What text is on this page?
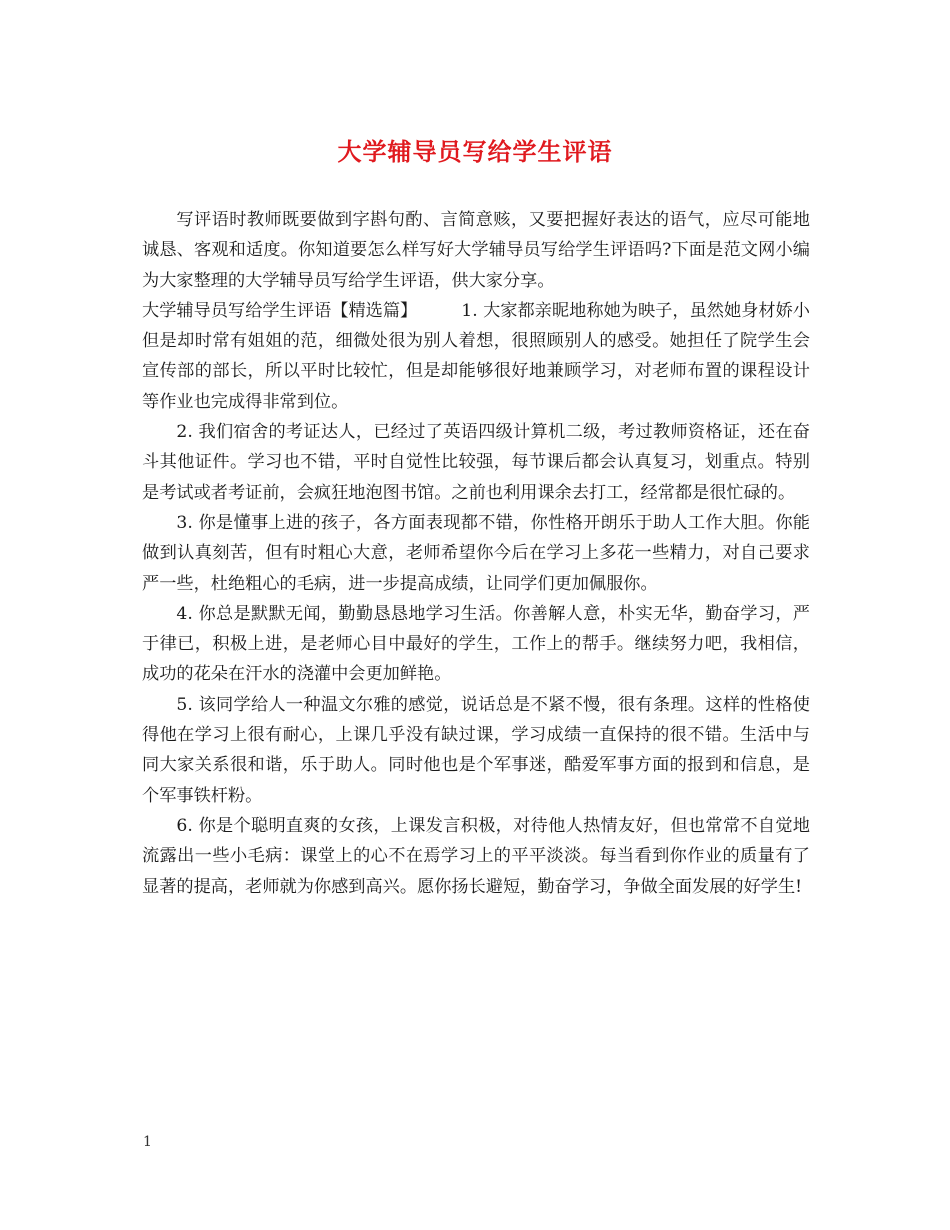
大学辅导员写给学生评语

写评语时教师既要做到字斟句酌、言简意赅，又要把握好表达的语气，应尽可能地诚恳、客观和适度。你知道要怎么样写好大学辅导员写给学生评语吗?下面是范文网小编为大家整理的大学辅导员写给学生评语，供大家分享。

大学辅导员写给学生评语【精选篇】	1. 大家都亲昵地称她为映子，虽然她身材娇小但是却时常有姐姐的范，细微处很为别人着想，很照顾别人的感受。她担任了院学生会宣传部的部长，所以平时比较忙，但是却能够很好地兼顾学习，对老师布置的课程设计等作业也完成得非常到位。

2. 我们宿舍的考证达人，已经过了英语四级计算机二级，考过教师资格证，还在奋斗其他证件。学习也不错，平时自觉性比较强，每节课后都会认真复习，划重点。特别是考试或者考证前，会疯狂地泡图书馆。之前也利用课余去打工，经常都是很忙碌的。

3. 你是懂事上进的孩子，各方面表现都不错，你性格开朗乐于助人工作大胆。你能做到认真刻苦，但有时粗心大意，老师希望你今后在学习上多花一些精力，对自己要求严一些，杜绝粗心的毛病，进一步提高成绩，让同学们更加佩服你。

4. 你总是默默无闻，勤勤恳恳地学习生活。你善解人意，朴实无华，勤奋学习，严于律已，积极上进，是老师心目中最好的学生，工作上的帮手。继续努力吧，我相信，成功的花朵在汗水的浇灌中会更加鲜艳。

5. 该同学给人一种温文尔雅的感觉，说话总是不紧不慢，很有条理。这样的性格使得他在学习上很有耐心，上课几乎没有缺过课，学习成绩一直保持的很不错。生活中与同大家关系很和谐，乐于助人。同时他也是个军事迷，酷爱军事方面的报到和信息，是个军事铁杆粉。

6. 你是个聪明直爽的女孩，上课发言积极，对待他人热情友好，但也常常不自觉地流露出一些小毛病：课堂上的心不在焉学习上的平平淡淡。每当看到你作业的质量有了显著的提高，老师就为你感到高兴。愿你扬长避短，勤奋学习，争做全面发展的好学生!

1
